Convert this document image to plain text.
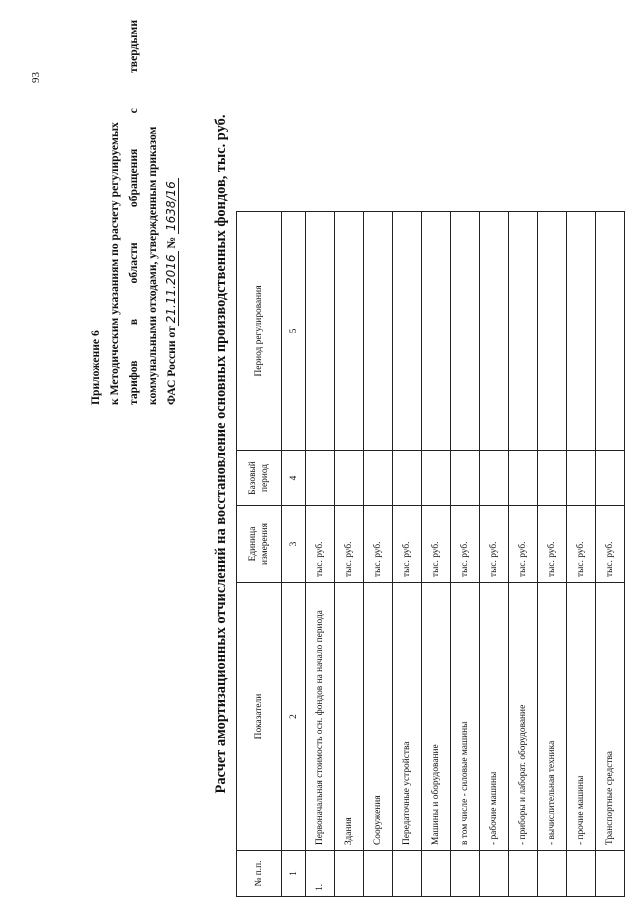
93
Приложение 6 к Методическим указаниям по расчету регулируемых тарифов в области обращения с твердыми коммунальными отходами, утвержденным приказом ФАС России от21.11.2016 № 1638/16 Расчет амортизационных отчислений на восстановление основных производственных фондов, тыс. руб.
№ п.п.	Показатели	Единица измерения	Базовый период	Период регулирования
1	2	3	4	5
1.	Первоначальная стоимость осн. фондов на начало периода	тыс. руб.		
	Здания	тыс. руб.		
	Сооружения	тыс. руб.		
	Передаточные устройства	тыс. руб.		
	Машины и оборудование	тыс. руб.		
	в том числе - силовые машины	тыс. руб.		
	- рабочие машины	тыс. руб.		
	- приборы и лаборат. оборудование	тыс. руб.		
	- вычислительная техника	тыс. руб.		
	- прочие машины	тыс. руб.		
	Транспортные средства	тыс. руб.		
